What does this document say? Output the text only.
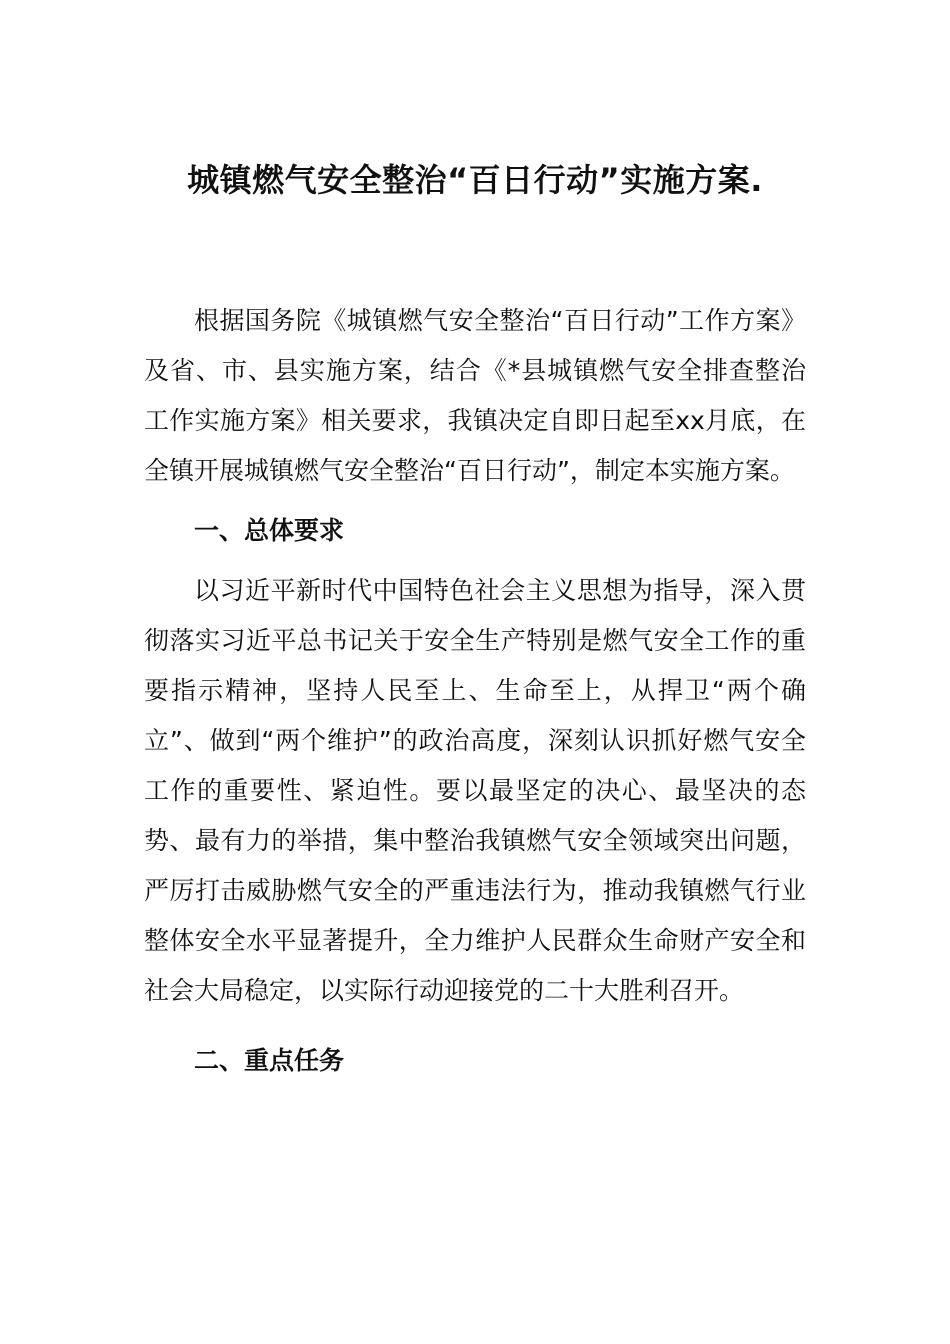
城镇燃气安全整治“百日行动”实施方案.

根据国务院《城镇燃气安全整治“百日行动”工作方案》及省、市、县实施方案，结合《*县城镇燃气安全排查整治工作实施方案》相关要求，我镇决定自即日起至xx月底，在全镇开展城镇燃气安全整治“百日行动”，制定本实施方案。

一、总体要求

以习近平新时代中国特色社会主义思想为指导，深入贯彻落实习近平总书记关于安全生产特别是燃气安全工作的重要指示精神，坚持人民至上、生命至上，从捍卫“两个确立”、做到“两个维护”的政治高度，深刻认识抓好燃气安全工作的重要性、紧迫性。要以最坚定的决心、最坚决的态势、最有力的举措，集中整治我镇燃气安全领域突出问题，严厉打击威胁燃气安全的严重违法行为，推动我镇燃气行业整体安全水平显著提升，全力维护人民群众生命财产安全和社会大局稳定，以实际行动迎接党的二十大胜利召开。

二、重点任务
